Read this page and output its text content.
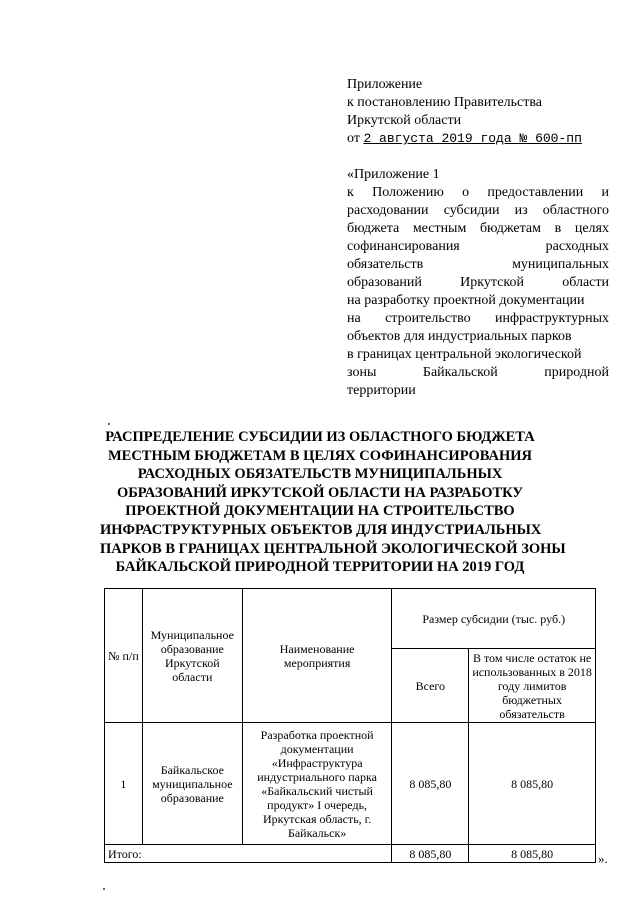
Приложение
к постановлению Правительства
Иркутской области
от 2 августа 2019 года № 600-пп
«Приложение 1
к Положению о предоставлении и
расходовании субсидии из областного
бюджета местным бюджетам в целях
софинансирования	расходных
обязательств	муниципальных
образований	Иркутской	области
на разработку проектной документации
на строительство инфраструктурных
объектов для индустриальных парков
в границах центральной экологической
зоны	Байкальской	природной
территории
РАСПРЕДЕЛЕНИЕ СУБСИДИИ ИЗ ОБЛАСТНОГО БЮДЖЕТА
МЕСТНЫМ БЮДЖЕТАМ В ЦЕЛЯХ СОФИНАНСИРОВАНИЯ
РАСХОДНЫХ ОБЯЗАТЕЛЬСТВ МУНИЦИПАЛЬНЫХ
ОБРАЗОВАНИЙ ИРКУТСКОЙ ОБЛАСТИ НА РАЗРАБОТКУ
ПРОЕКТНОЙ ДОКУМЕНТАЦИИ НА СТРОИТЕЛЬСТВО
ИНФРАСТРУКТУРНЫХ ОБЪЕКТОВ ДЛЯ ИНДУСТРИАЛЬНЫХ
ПАРКОВ В ГРАНИЦАХ ЦЕНТРАЛЬНОЙ ЭКОЛОГИЧЕСКОЙ ЗОНЫ
БАЙКАЛЬСКОЙ ПРИРОДНОЙ ТЕРРИТОРИИ НА 2019 ГОД
№ п/п	Муниципальное образование Иркутской области	Наименование мероприятия	Размер субсидии (тыс. руб.)	
			Всего	В том числе остаток не использованных в 2018 году лимитов бюджетных обязательств
1	Байкальское муниципальное образование	Разработка проектной документации «Инфраструктура индустриального парка «Байкальский чистый продукт» I очередь, Иркутская область, г. Байкальск»	8 085,80	8 085,80
Итого:			8 085,80	8 085,80	».
